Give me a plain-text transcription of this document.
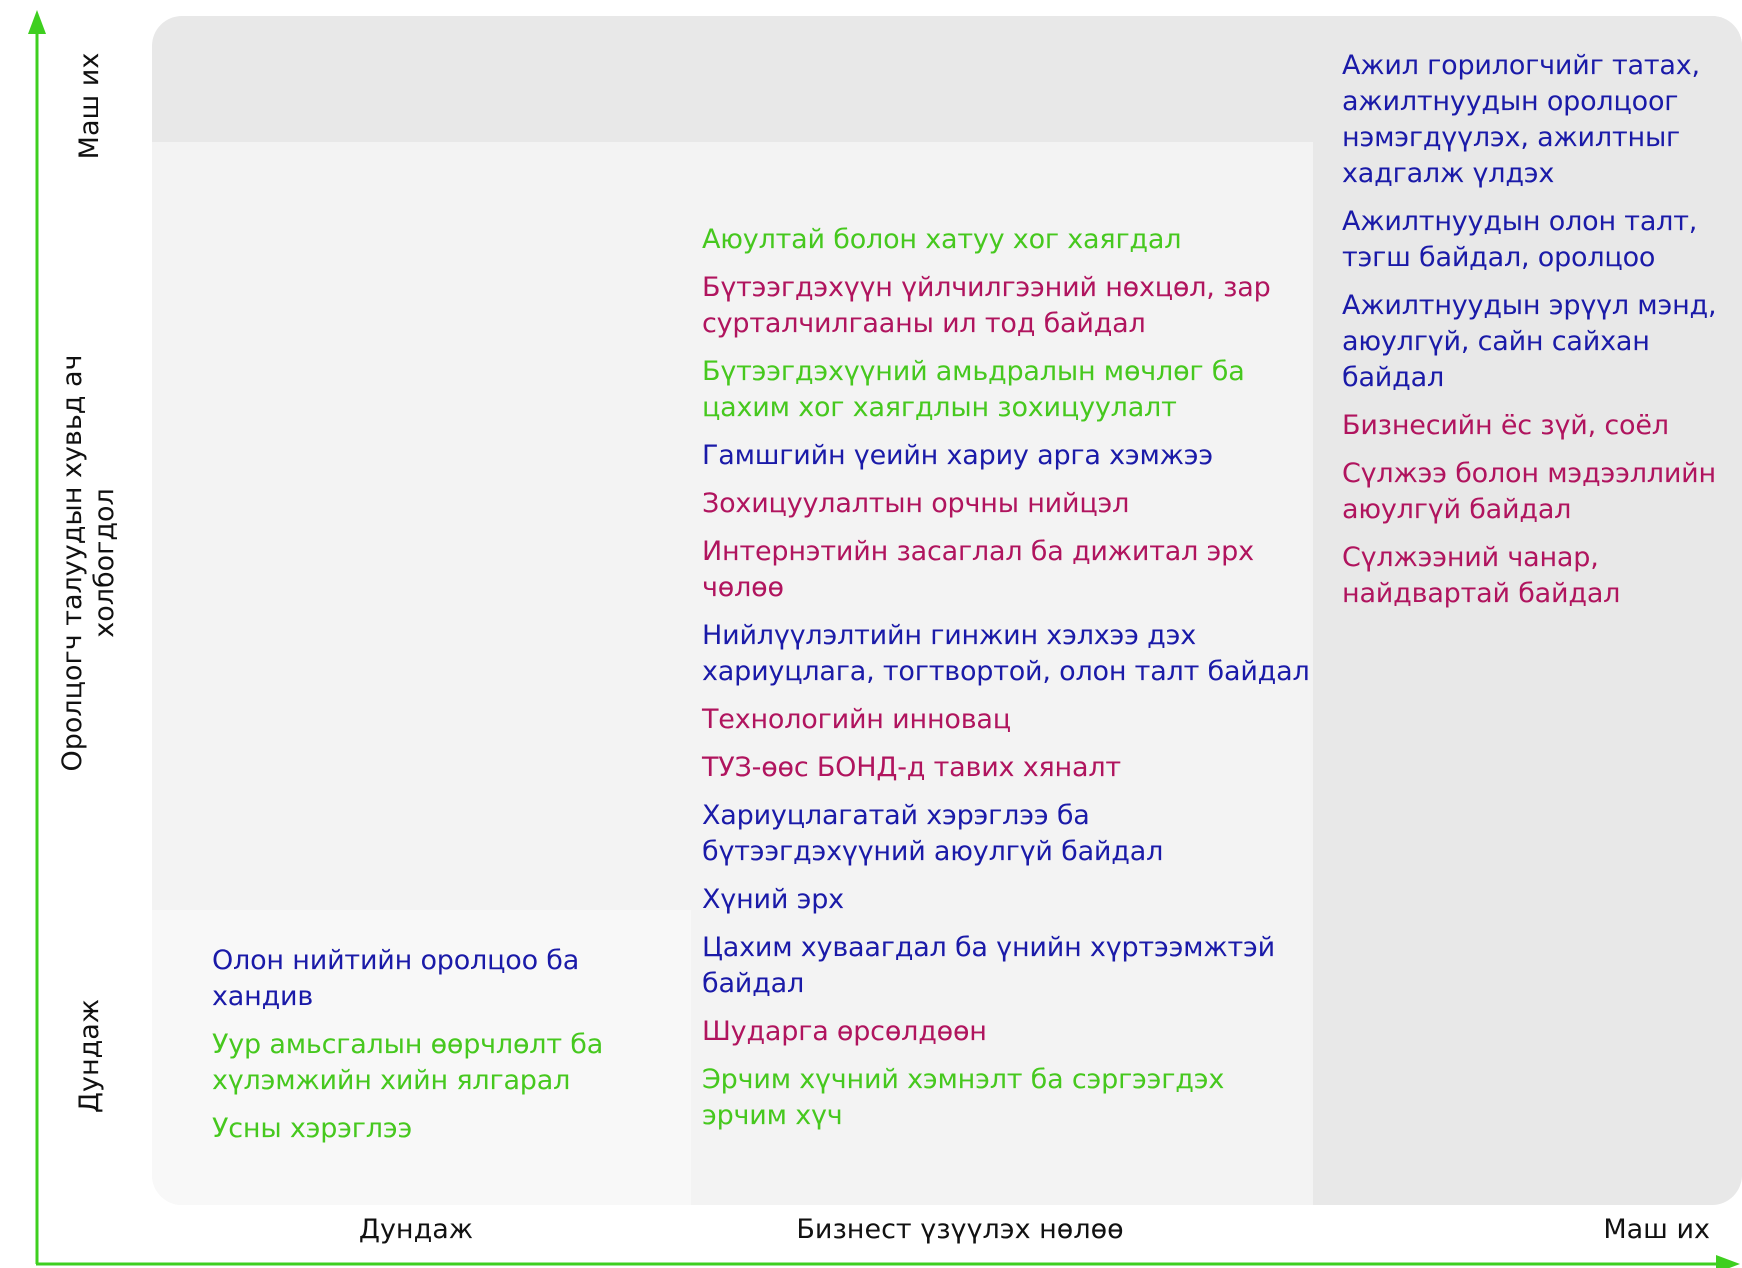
Маш их
Оролцогч талуудын хувьд ач холбогдол
Дундаж
Дундаж	Бизнест үзүүлэх нөлөө	Маш их
Олон нийтийн оролцоо ба хандив
Уур амьсгалын өөрчлөлт ба хүлэмжийн хийн ялгарал
Усны хэрэглээ
Аюултай болон хатуу хог хаягдал
Бүтээгдэхүүн үйлчилгээний нөхцөл, зар сурталчилгааны ил тод байдал
Бүтээгдэхүүний амьдралын мөчлөг ба цахим хог хаягдлын зохицуулалт
Гамшгийн үеийн хариу арга хэмжээ
Зохицуулалтын орчны нийцэл
Интернэтийн засаглал ба дижитал эрх чөлөө
Нийлүүлэлтийн гинжин хэлхээ дэх хариуцлага, тогтвортой, олон талт байдал
Технологийн инновац
ТУЗ-өөс БОНД-д тавих хяналт
Хариуцлагатай хэрэглээ ба бүтээгдэхүүний аюулгүй байдал
Хүний эрх
Цахим хуваагдал ба үнийн хүртээмжтэй байдал
Шударга өрсөлдөөн
Эрчим хүчний хэмнэлт ба сэргээгдэх эрчим хүч
Ажил горилогчийг татах, ажилтнуудын оролцоог нэмэгдүүлэх, ажилтныг хадгалж үлдэх
Ажилтнуудын олон талт, тэгш байдал, оролцоо
Ажилтнуудын эрүүл мэнд, аюулгүй, сайн сайхан байдал
Бизнесийн ёс зүй, соёл
Сүлжээ болон мэдээллийн аюулгүй байдал
Сүлжээний чанар, найдвартай байдал
